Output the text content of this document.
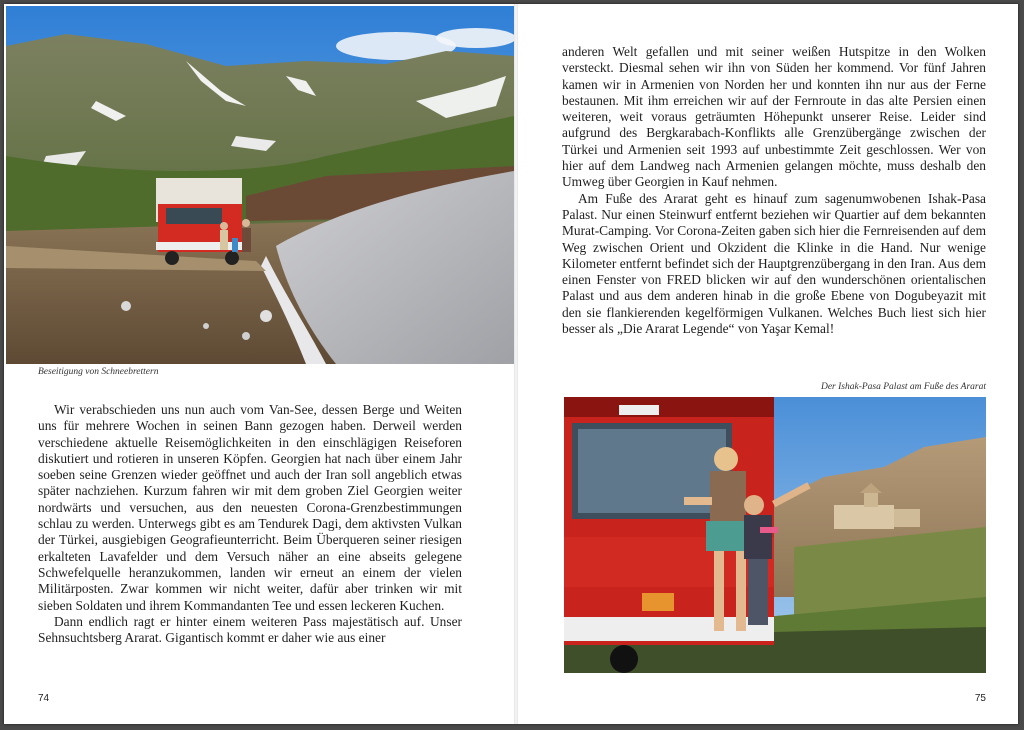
Beseitigung von Schneebrettern

Wir verabschieden uns nun auch vom Van-See, dessen Berge und Weiten uns für mehrere Wochen in seinen Bann gezogen haben. Derweil werden verschiedene aktuelle Reisemöglichkeiten in den einschlägigen Reiseforen diskutiert und rotieren in unseren Köpfen. Georgien hat nach über einem Jahr soeben seine Grenzen wieder geöffnet und auch der Iran soll angeblich etwas später nachziehen. Kurzum fahren wir mit dem groben Ziel Georgien weiter nordwärts und versuchen, aus den neuesten Corona-Grenzbestimmungen schlau zu werden. Unterwegs gibt es am Tendurek Dagi, dem aktivsten Vulkan der Türkei, ausgiebigen Geografieunterricht. Beim Überqueren seiner riesigen erkalteten Lavafelder und dem Versuch näher an eine abseits gelegene Schwefelquelle heranzukommen, landen wir erneut an einem der vielen Militärposten. Zwar kommen wir nicht weiter, dafür aber trinken wir mit sieben Soldaten und ihrem Kommandanten Tee und essen leckeren Kuchen.

Dann endlich ragt er hinter einem weiteren Pass majestätisch auf. Unser Sehnsuchtsberg Ararat. Gigantisch kommt er daher wie aus einer

74

anderen Welt gefallen und mit seiner weißen Hutspitze in den Wolken versteckt. Diesmal sehen wir ihn von Süden her kommend. Vor fünf Jahren kamen wir in Armenien von Norden her und konnten ihn nur aus der Ferne bestaunen. Mit ihm erreichen wir auf der Fernroute in das alte Persien einen weiteren, weit voraus geträumten Höhepunkt unserer Reise. Leider sind aufgrund des Bergkarabach-Konflikts alle Grenzübergänge zwischen der Türkei und Armenien seit 1993 auf unbestimmte Zeit geschlossen. Wer von hier auf dem Landweg nach Armenien gelangen möchte, muss deshalb den Umweg über Georgien in Kauf nehmen.

Am Fuße des Ararat geht es hinauf zum sagenumwobenen Ishak-Pasa Palast. Nur einen Steinwurf entfernt beziehen wir Quartier auf dem bekannten Murat-Camping. Vor Corona-Zeiten gaben sich hier die Fernreisenden auf dem Weg zwischen Orient und Okzident die Klinke in die Hand. Nur wenige Kilometer entfernt befindet sich der Hauptgrenzübergang in den Iran. Aus dem einen Fenster von FRED blicken wir auf den wunderschönen orientalischen Palast und aus dem anderen hinab in die große Ebene von Dogubeyazit mit den sie flankierenden kegelförmigen Vulkanen. Welches Buch liest sich hier besser als „Die Ararat Legende“ von Yaşar Kemal!

Der Ishak-Pasa Palast am Fuße des Ararat
75
